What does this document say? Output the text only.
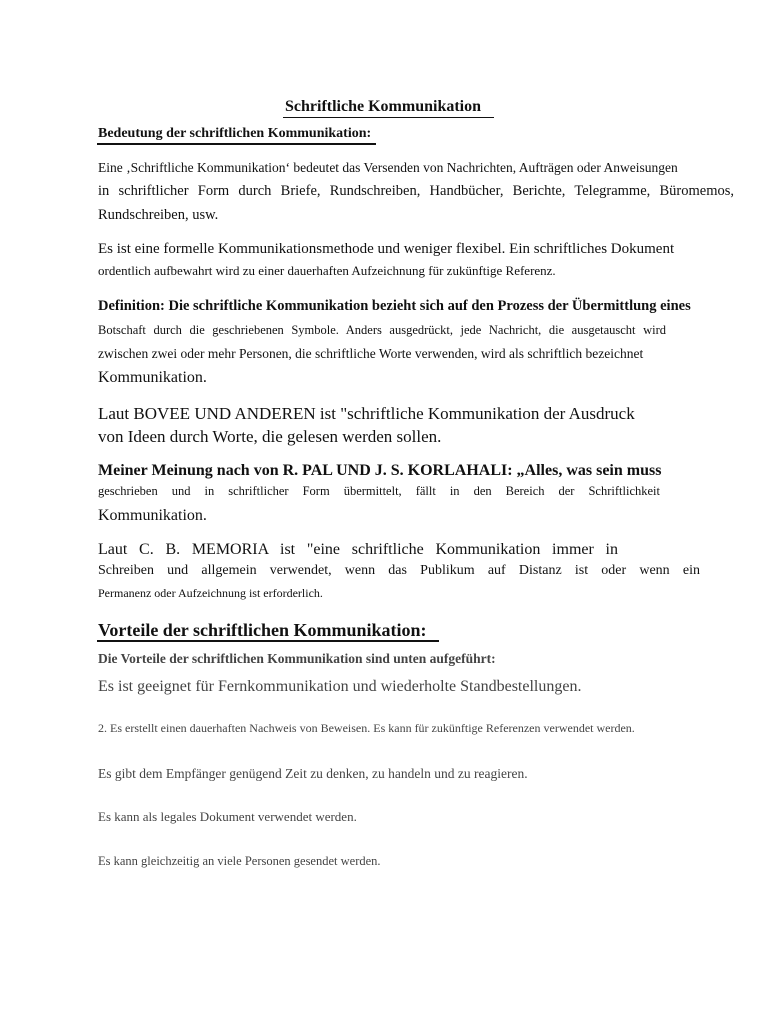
Schriftliche Kommunikation
Bedeutung der schriftlichen Kommunikation:

Eine ‚Schriftliche Kommunikation‘ bedeutet das Versenden von Nachrichten, Aufträgen oder Anweisungen

in schriftlicher Form durch Briefe, Rundschreiben, Handbücher, Berichte, Telegramme, Büromemos,

Rundschreiben, usw.

Es ist eine formelle Kommunikationsmethode und weniger flexibel. Ein schriftliches Dokument

ordentlich aufbewahrt wird zu einer dauerhaften Aufzeichnung für zukünftige Referenz.

Definition: Die schriftliche Kommunikation bezieht sich auf den Prozess der Übermittlung eines

Botschaft durch die geschriebenen Symbole. Anders ausgedrückt, jede Nachricht, die ausgetauscht wird

zwischen zwei oder mehr Personen, die schriftliche Worte verwenden, wird als schriftlich bezeichnet

Kommunikation.

Laut BOVEE UND ANDEREN ist "schriftliche Kommunikation der Ausdruck

von Ideen durch Worte, die gelesen werden sollen.

Meiner Meinung nach von R. PAL UND J. S. KORLAHALI: „Alles, was sein muss

geschrieben und in schriftlicher Form übermittelt, fällt in den Bereich der Schriftlichkeit

Kommunikation.

Laut C. B. MEMORIA ist "eine schriftliche Kommunikation immer in

Schreiben und allgemein verwendet, wenn das Publikum auf Distanz ist oder wenn ein

Permanenz oder Aufzeichnung ist erforderlich.

Vorteile der schriftlichen Kommunikation:

Die Vorteile der schriftlichen Kommunikation sind unten aufgeführt:

Es ist geeignet für Fernkommunikation und wiederholte Standbestellungen.

2. Es erstellt einen dauerhaften Nachweis von Beweisen. Es kann für zukünftige Referenzen verwendet werden.

Es gibt dem Empfänger genügend Zeit zu denken, zu handeln und zu reagieren.

Es kann als legales Dokument verwendet werden.

Es kann gleichzeitig an viele Personen gesendet werden.
